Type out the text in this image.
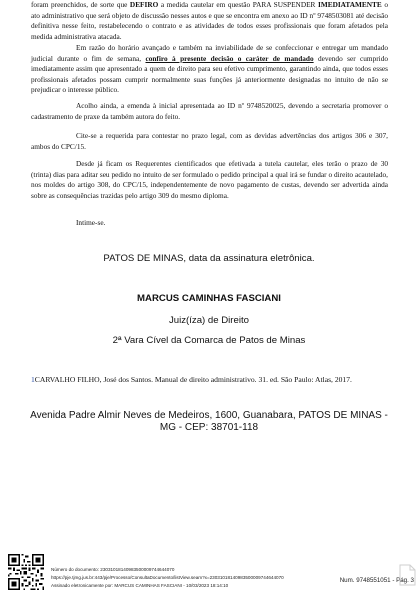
foram preenchidos, de sorte que DEFIRO a medida cautelar em questão PARA SUSPENDER IMEDIATAMENTE o ato administrativo que será objeto de discussão nesses autos e que se encontra em anexo ao ID nº 9748503081 até decisão definitiva nesse feito, restabelecendo o contrato e as atividades de todos esses profissionais que foram afetados pela medida administrativa atacada.
Em razão do horário avançado e também na inviabilidade de se confeccionar e entregar um mandado judicial durante o fim de semana, confiro à presente decisão o caráter de mandado devendo ser cumprido imediatamente assim que apresentado a quem de direito para seu efetivo cumprimento, garantindo ainda, que todos esses profissionais afetados possam cumprir normalmente suas funções já anteriormente designadas no intuito de não se prejudicar o interesse público.
Acolho ainda, a emenda à inicial apresentada ao ID nº 9748520025, devendo a secretaria promover o cadastramento de praxe da também autora do feito.
Cite-se a requerida para contestar no prazo legal, com as devidas advertências dos artigos 306 e 307, ambos do CPC/15.
Desde já ficam os Requerentes cientificados que efetivada a tutela cautelar, eles terão o prazo de 30 (trinta) dias para aditar seu pedido no intuito de ser formulado o pedido principal a qual irá se fundar o direito acautelado, nos moldes do artigo 308, do CPC/15, independentemente de novo pagamento de custas, devendo ser advertida ainda sobre as consequências trazidas pelo artigo 309 do mesmo diploma.
Intime-se.
PATOS DE MINAS, data da assinatura eletrônica.
MARCUS CAMINHAS FASCIANI
Juiz(íza) de Direito
2ª Vara Cível da Comarca de Patos de Minas
1CARVALHO FILHO, José dos Santos. Manual de direito administrativo. 31. ed. São Paulo: Atlas, 2017.
Avenida Padre Almir Neves de Medeiros, 1600, Guanabara, PATOS DE MINAS -
MG - CEP: 38701-118
Número do documento: 23031018140983500009744644070
https://pje.tjmg.jus.br:443/pje/Processo/ConsultaDocumento/listView.seam?x=23031018140983500009744644070
Assinado eletronicamente por: MARCUS CAMINHAS FASCIANI - 10/03/2023 18:14:10
Num. 9748551051 - Pág. 3
